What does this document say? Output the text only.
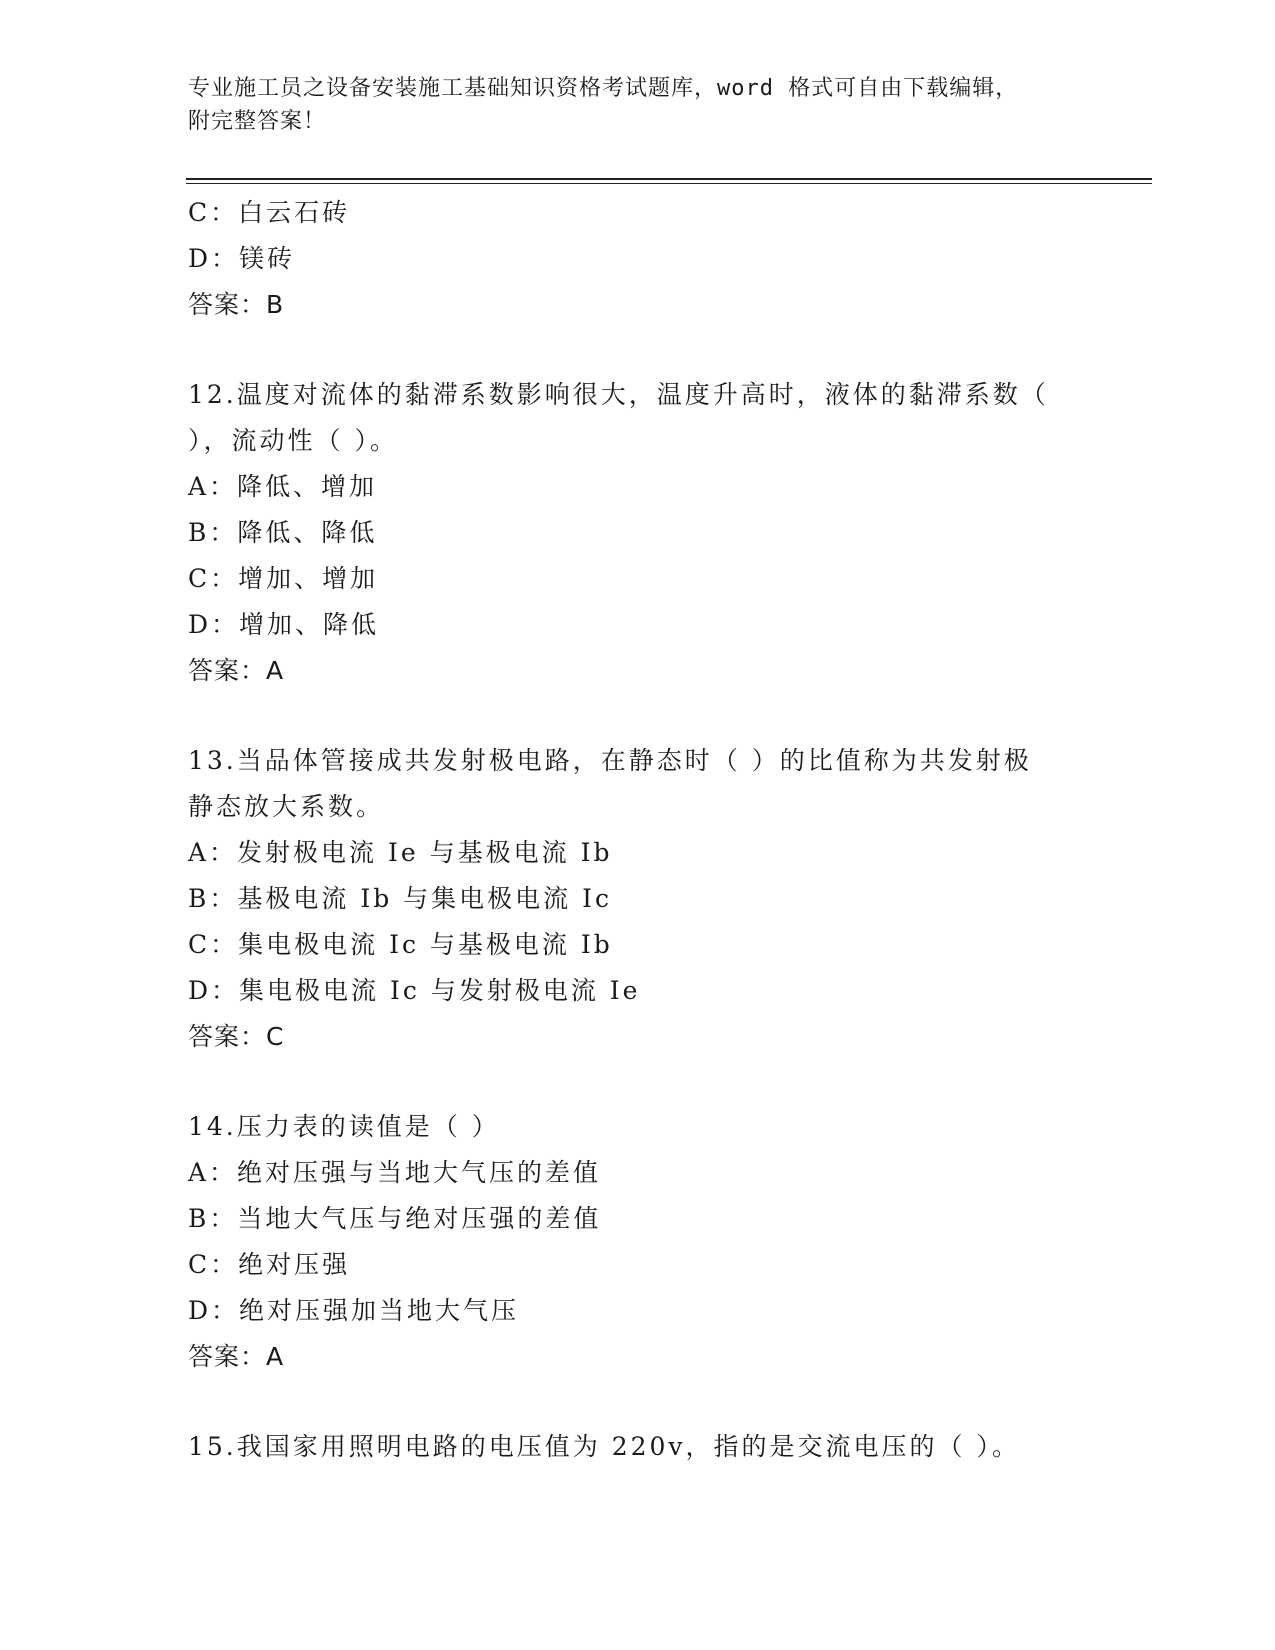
专业施工员之设备安装施工基础知识资格考试题库，word 格式可自由下载编辑，
附完整答案！
C：白云石砖
D：镁砖
答案：B
12.温度对流体的黏滞系数影响很大，温度升高时，液体的黏滞系数（
），流动性（ ）。
A：降低、增加
B：降低、降低
C：增加、增加
D：增加、降低
答案：A
13.当品体管接成共发射极电路，在静态时（ ）的比值称为共发射极
静态放大系数。
A：发射极电流 Ie 与基极电流 Ib
B：基极电流 Ib 与集电极电流 Ic
C：集电极电流 Ic 与基极电流 Ib
D：集电极电流 Ic 与发射极电流 Ie
答案：C
14.压力表的读值是（ ）
A：绝对压强与当地大气压的差值
B：当地大气压与绝对压强的差值
C：绝对压强
D：绝对压强加当地大气压
答案：A
15.我国家用照明电路的电压值为 220v，指的是交流电压的（ ）。
